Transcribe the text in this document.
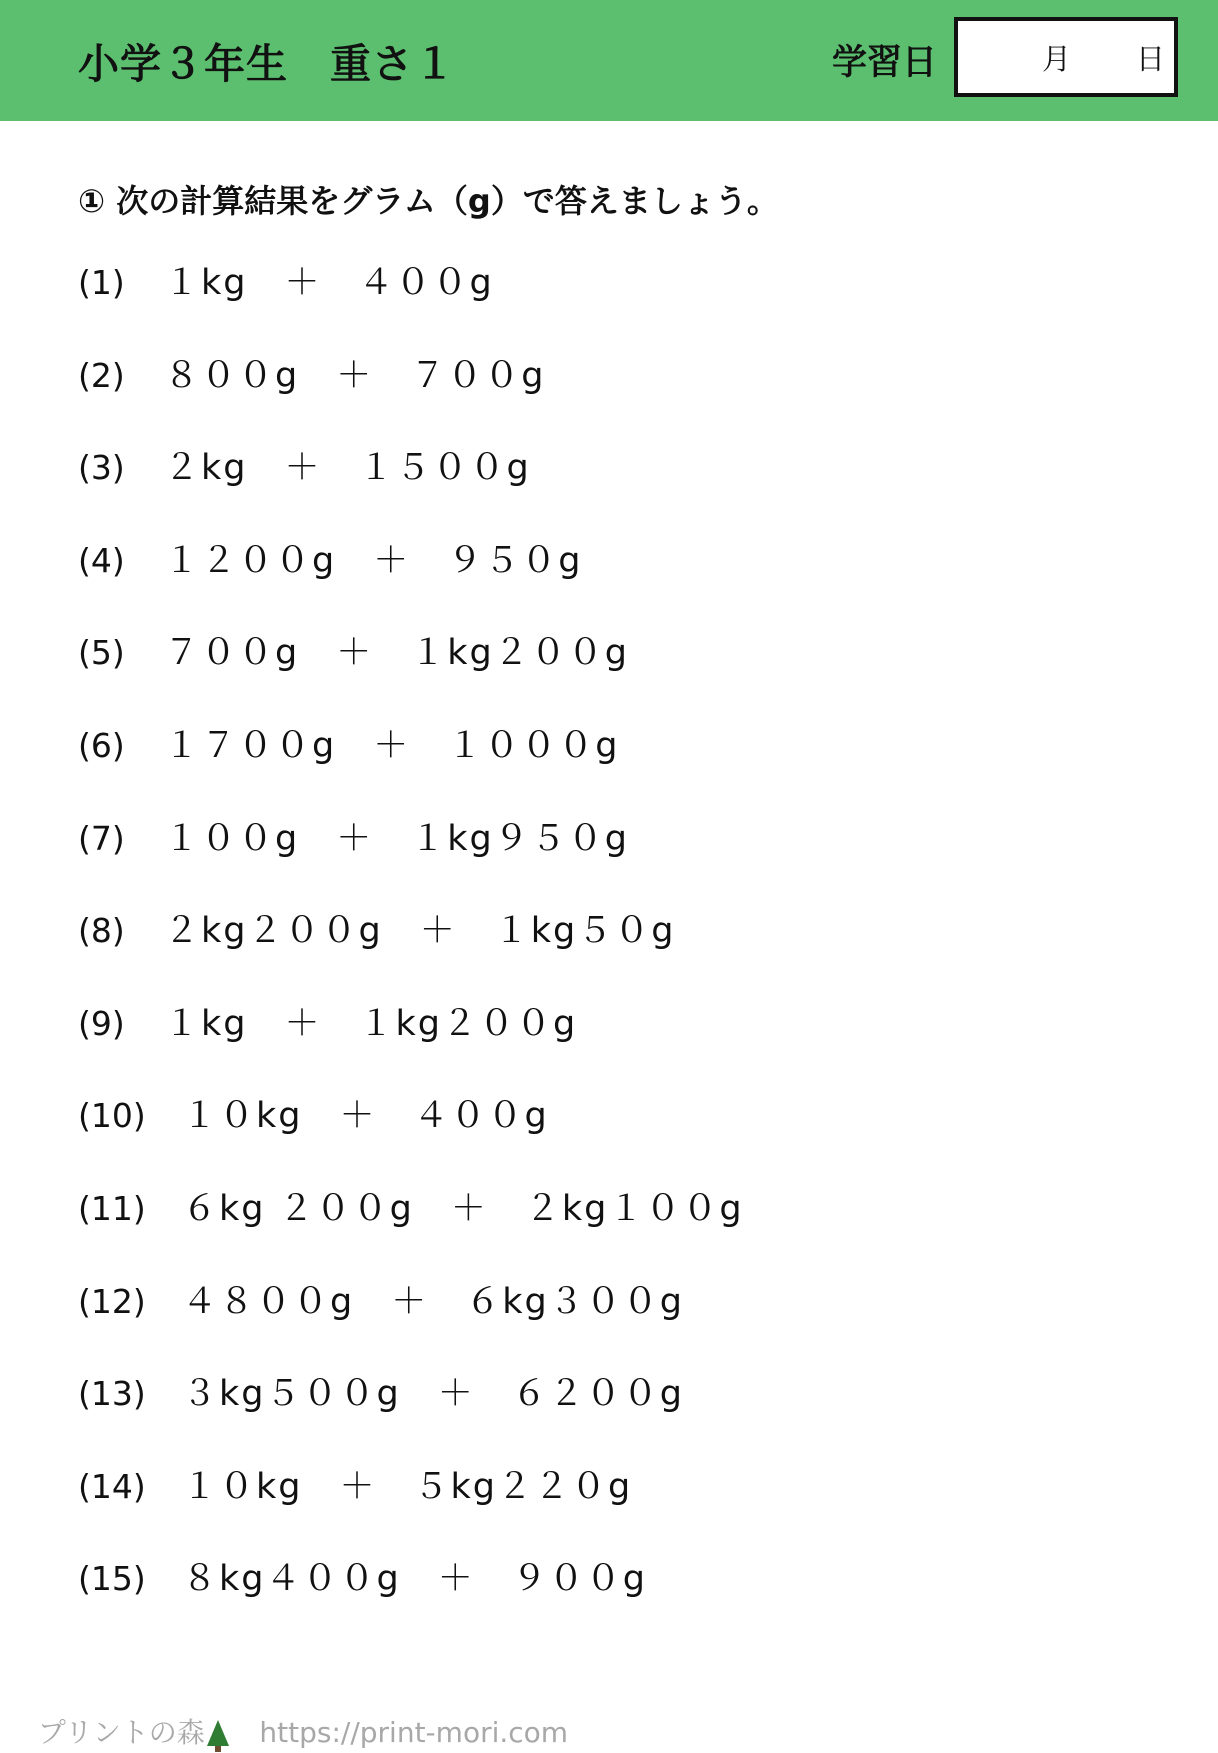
小学３年生　重さ１	学習日	月 日
① 次の計算結果をグラム（g）で答えましょう。
(1) １kg　＋　４００g
(2) ８００g　＋　７００g
(3) ２kg　＋　１５００g
(4) １２００g　＋　９５０g
(5) ７００g　＋　１kg２００g
(6) １７００g　＋　１０００g
(7) １００g　＋　１kg９５０g
(8) ２kg２００g　＋　１kg５０g
(9) １kg　＋　１kg２００g
(10) １０kg　＋　４００g
(11) ６kg ２００g　＋　２kg１００g
(12) ４８００g　＋　６kg３００g
(13) ３kg５００g　＋　６２００g
(14) １０kg　＋　５kg２２０g
(15) ８kg４００g　＋　９００g

プリントの森 https://print-mori.com
